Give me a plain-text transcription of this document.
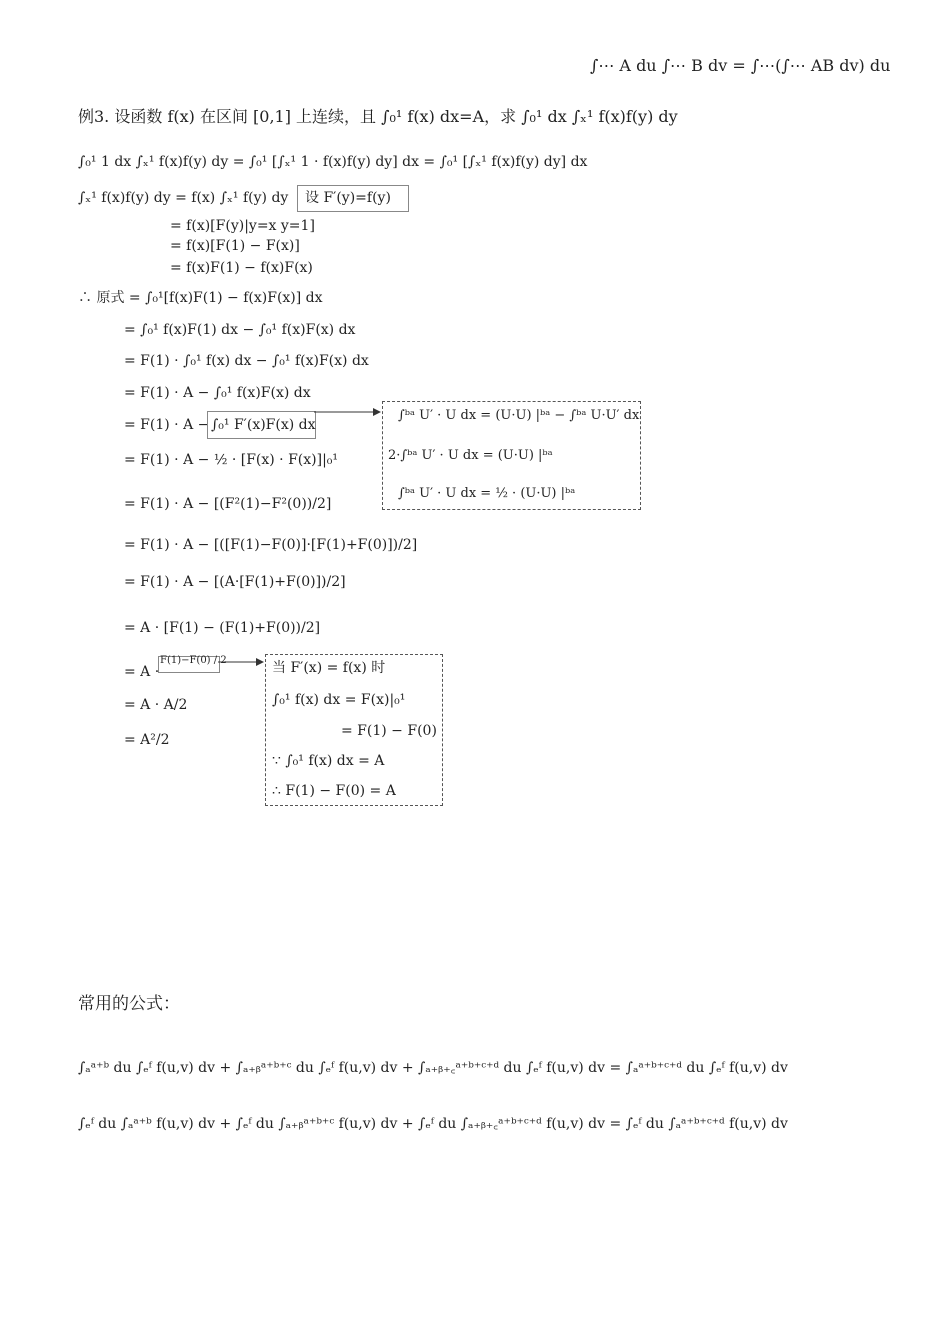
∫⋯ A du ∫⋯ B dv = ∫⋯(∫⋯ AB dv) du
例3. 设函数 f(x) 在区间 [0,1] 上连续，且 ∫₀¹ f(x) dx=A，求 ∫₀¹ dx ∫ₓ¹ f(x)f(y) dy
∫₀¹ 1 dx ∫ₓ¹ f(x)f(y) dy = ∫₀¹ [∫ₓ¹ 1 · f(x)f(y) dy] dx = ∫₀¹ [∫ₓ¹ f(x)f(y) dy] dx
∫ₓ¹ f(x)f(y) dy = f(x) ∫ₓ¹ f(y) dy 设 F′(y)=f(y)
= f(x)[F(y)|y=x y=1]
= f(x)[F(1) − F(x)]
= f(x)F(1) − f(x)F(x)
∴ 原式 = ∫₀¹[f(x)F(1) − f(x)F(x)] dx
= ∫₀¹ f(x)F(1) dx − ∫₀¹ f(x)F(x) dx
= F(1) · ∫₀¹ f(x) dx − ∫₀¹ f(x)F(x) dx
= F(1) · A − ∫₀¹ f(x)F(x) dx
= F(1) · A − ∫₀¹ F′(x)F(x) dx
= F(1) · A − ½ · [F(x) · F(x)]|₀¹
= F(1) · A − [(F²(1)−F²(0))/2]
= F(1) · A − [([F(1)−F(0)]·[F(1)+F(0)])/2]
= F(1) · A − [(A·[F(1)+F(0)])/2]
= A · [F(1) − (F(1)+F(0))/2]
= A ·
F(1)−F(0) / 2
= A · A/2
= A²/2
∫ᵇᵃ U′ · U dx = (U·U) |ᵇᵃ − ∫ᵇᵃ U·U′ dx
2·∫ᵇᵃ U′ · U dx = (U·U) |ᵇᵃ
∫ᵇᵃ U′ · U dx = ½ · (U·U) |ᵇᵃ
当 F′(x) = f(x) 时
∫₀¹ f(x) dx = F(x)|₀¹
= F(1) − F(0)
∵ ∫₀¹ f(x) dx = A
∴ F(1) − F(0) = A
常用的公式：
∫ₐᵃ⁺ᵇ du ∫ₑᶠ f(u,v) dv + ∫ₐ₊ᵦᵃ⁺ᵇ⁺ᶜ du ∫ₑᶠ f(u,v) dv + ∫ₐ₊ᵦ₊꜀ᵃ⁺ᵇ⁺ᶜ⁺ᵈ du ∫ₑᶠ f(u,v) dv = ∫ₐᵃ⁺ᵇ⁺ᶜ⁺ᵈ du ∫ₑᶠ f(u,v) dv
∫ₑᶠ du ∫ₐᵃ⁺ᵇ f(u,v) dv + ∫ₑᶠ du ∫ₐ₊ᵦᵃ⁺ᵇ⁺ᶜ f(u,v) dv + ∫ₑᶠ du ∫ₐ₊ᵦ₊꜀ᵃ⁺ᵇ⁺ᶜ⁺ᵈ f(u,v) dv = ∫ₑᶠ du ∫ₐᵃ⁺ᵇ⁺ᶜ⁺ᵈ f(u,v) dv
